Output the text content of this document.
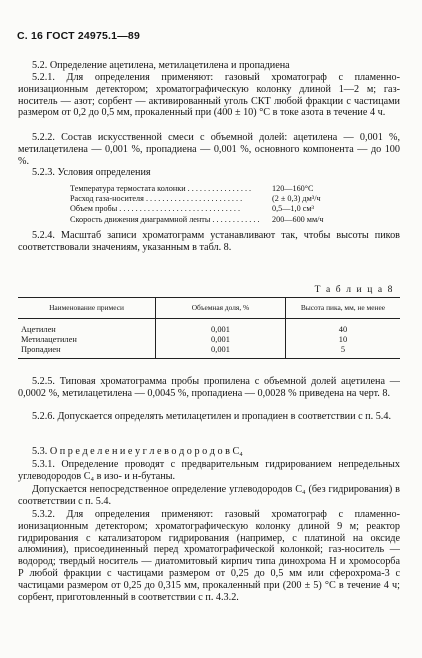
С. 16 ГОСТ 24975.1—89

5.2. Определение ацетилена, метилацетилена и пропадиена

5.2.1. Для определения применяют: газовый хроматограф с пламенно-ионизационным детектором; хроматографическую колонку длиной 1—2 м; газ-носитель — азот; сорбент — активированный уголь СКТ любой фракции с частицами размером от 0,2 до 0,5 мм, прокаленный при (400 ± 10) °С в токе азота в течение 4 ч.

5.2.2. Состав искусственной смеси с объемной долей: ацетилена — 0,001 %, метилацетилена — 0,001 %, пропадиена — 0,001 %, основного компонента — до 100 %.

5.2.3. Условия определения

Температура термостата колонки . . . . . . . . . . . . . . . .	120—160°С
Расход газа-носителя . . . . . . . . . . . . . . . . . . . . . . . .	(2 ± 0,3) дм³/ч
Объем пробы . . . . . . . . . . . . . . . . . . . . . . . . . . . . . .	0,5—1,0 см³
Скорость движения диаграммной ленты . . . . . . . . . . . .	200—600 мм/ч

5.2.4. Масштаб записи хроматограмм устанавливают так, чтобы высоты пиков соответствовали значениям, указанным в табл. 8.

Т а б л и ц а 8
Наименование примеси	Объемная доля, %	Высота пика, мм, не менее
Ацетилен	0,001	40
Метилацетилен	0,001	10
Пропадиен	0,001	5

5.2.5. Типовая хроматограмма пробы пропилена с объемной долей ацетилена — 0,0002 %, метилацетилена — 0,0045 %, пропадиена — 0,0028 % приведена на черт. 8.

5.2.6. Допускается определять метилацетилен и пропадиен в соответствии с п. 5.4.

5.3. О п р е д е л е н и е у г л е в о д о р о д о в С₄

5.3.1. Определение проводят с предварительным гидрированием непредельных углеводородов С₄ в изо- и н-бутаны.

Допускается непосредственное определение углеводородов С₄ (без гидрирования) в соответствии с п. 5.4.

5.3.2. Для определения применяют: газовый хроматограф с пламенно-ионизационным детектором; хроматографическую колонку длиной 9 м; реактор гидрирования с катализатором гидрирования (например, с платиной на оксиде алюминия), присоединенный перед хроматографической колонкой; газ-носитель — водород; твердый носитель — диатомитовый кирпич типа динохрома Н и хромосорба Р любой фракции с частицами размером от 0,25 до 0,5 мм или сферохрома-3 с частицами размером от 0,25 до 0,315 мм, прокаленный при (200 ± 5) °С в течение 4 ч; сорбент, приготовленный в соответствии с п. 4.3.2.
